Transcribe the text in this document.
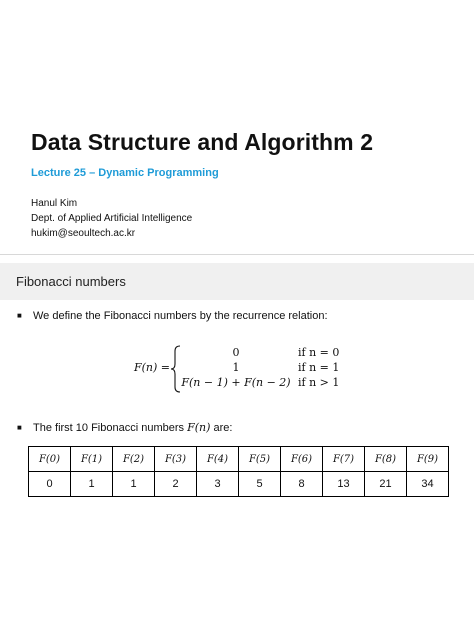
Data Structure and Algorithm 2
Lecture 25 – Dynamic Programming
Hanul Kim
Dept. of Applied Artificial Intelligence
hukim@seoultech.ac.kr
Fibonacci numbers
■ We define the Fibonacci numbers by the recurrence relation:
F(n) =
0	if n = 0
1	if n = 1
F(n − 1) + F(n − 2) if n > 1
■ The first 10 Fibonacci numbers F(n) are:
F(0)	F(1)	F(2)	F(3)	F(4)	F(5)	F(6)	F(7)	F(8)	F(9)
0	1	1	2	3	5	8	13	21	34
